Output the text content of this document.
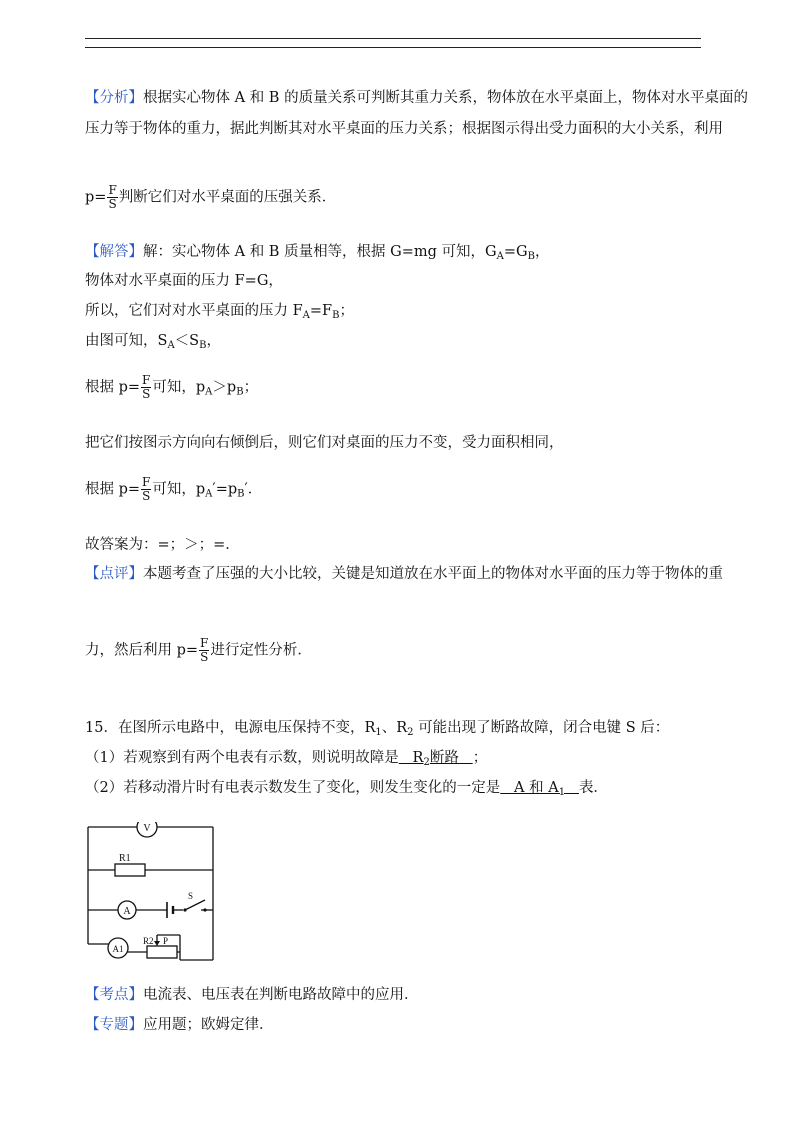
【分析】根据实心物体 A 和 B 的质量关系可判断其重力关系，物体放在水平桌面上，物体对水平桌面的
压力等于物体的重力，据此判断其对水平桌面的压力关系；根据图示得出受力面积的大小关系，利用
$p= \frac{F}{S}$ 判断它们对水平桌面的压强关系．
【解答】解：实心物体 A 和 B 质量相等，根据 G=mg 可知，$G_A=G_B$，
物体对水平桌面的压力 F=G，
所以，它们对对水平桌面的压力 $F_A=F_B$；
由图可知，$S_A<S_B$，
根据 $p= \frac{F}{S}$ 可知，$p_A>p_B$；
把它们按图示方向向右倾倒后，则它们对桌面的压力不变，受力面积相同，
根据 $p= \frac{F}{S}$ 可知，$p_A'=p_B'$．
故答案为：=；＞；=．
【点评】本题考查了压强的大小比较，关键是知道放在水平面上的物体对水平面的压力等于物体的重
力，然后利用 $p= \frac{F}{S}$ 进行定性分析．
15．在图所示电路中，电源电压保持不变，$R_1$、$R_2$ 可能出现了断路故障，闭合电键 S 后：
（1）若观察到有两个电表有示数，则说明故障是   $R_2$断路   ；
（2）若移动滑片时有电表示数发生了变化，则发生变化的一定是   A 和 $A_1$ 表．
V
A
A1
R1
R2 P
S
【考点】电流表、电压表在判断电路故障中的应用．
【专题】应用题；欧姆定律．
